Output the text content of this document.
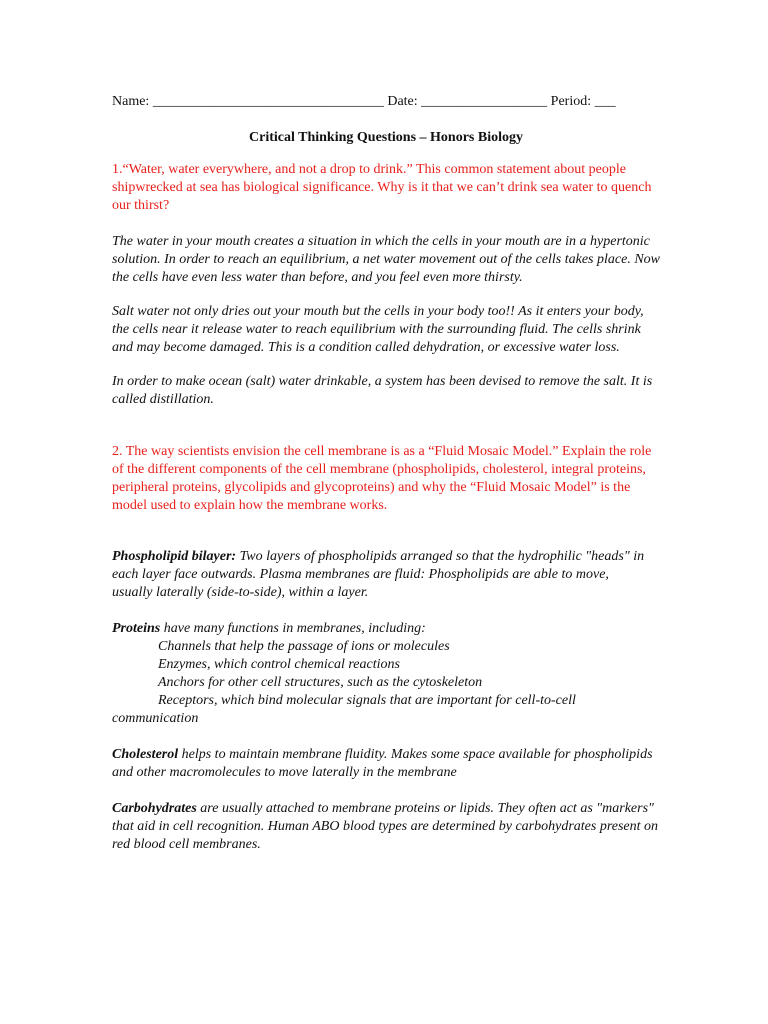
Name: _________________________________ Date: __________________ Period: ___
Critical Thinking Questions – Honors Biology
1.“Water, water everywhere, and not a drop to drink.” This common statement about people shipwrecked at sea has biological significance. Why is it that we can’t drink sea water to quench our thirst?
The water in your mouth creates a situation in which the cells in your mouth are in a hypertonic solution. In order to reach an equilibrium, a net water movement out of the cells takes place. Now the cells have even less water than before, and you feel even more thirsty.
Salt water not only dries out your mouth but the cells in your body too!! As it enters your body, the cells near it release water to reach equilibrium with the surrounding fluid. The cells shrink and may become damaged. This is a condition called dehydration, or excessive water loss.
In order to make ocean (salt) water drinkable, a system has been devised to remove the salt. It is called distillation.
2. The way scientists envision the cell membrane is as a “Fluid Mosaic Model.” Explain the role of the different components of the cell membrane (phospholipids, cholesterol, integral proteins, peripheral proteins, glycolipids and glycoproteins) and why the “Fluid Mosaic Model” is the model used to explain how the membrane works.
Phospholipid bilayer: Two layers of phospholipids arranged so that the hydrophilic "heads" in each layer face outwards. Plasma membranes are fluid: Phospholipids are able to move,
usually laterally (side-to-side), within a layer.
Proteins have many functions in membranes, including:
Channels that help the passage of ions or molecules
Enzymes, which control chemical reactions
Anchors for other cell structures, such as the cytoskeleton
Receptors, which bind molecular signals that are important for cell-to-cell
communication
Cholesterol helps to maintain membrane fluidity. Makes some space available for phospholipids and other macromolecules to move laterally in the membrane
Carbohydrates are usually attached to membrane proteins or lipids. They often act as "markers" that aid in cell recognition. Human ABO blood types are determined by carbohydrates present on red blood cell membranes.
